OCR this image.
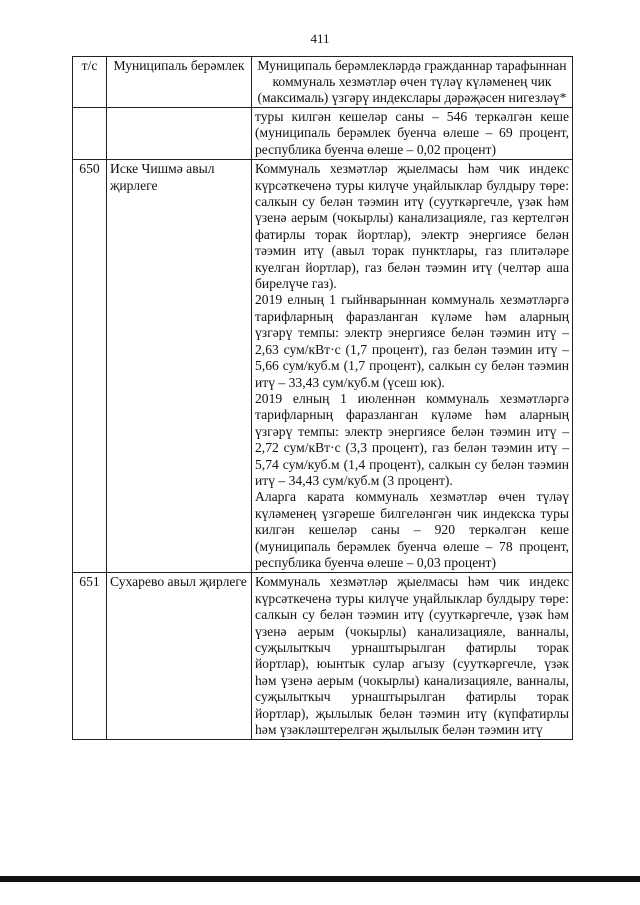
411
т/с	Муниципаль берәмлек	Муниципаль берәмлекләрдә гражданнар тарафыннан коммуналь хезмәтләр өчен түләү күләменең чик (максималь) үзгәрү индекслары дәрәҗәсен нигезләү*

		туры килгән кешеләр саны – 546 теркәлгән кеше (муниципаль берәмлек буенча өлеше – 69 процент, республика буенча өлеше – 0,02 процент)

650	Иске Чишмә авыл җирлеге	Коммуналь хезмәтләр җыелмасы һәм чик индекс күрсәткеченә туры килүче уңайлыклар булдыру төре: салкын су белән тәэмин итү (сууткәргечле, үзәк һәм үзенә аерым (чокырлы) канализацияле, газ кертелгән фатирлы торак йортлар), электр энергиясе белән тәэмин итү (авыл торак пунктлары, газ плитәләре куелган йортлар), газ белән тәэмин итү (челтәр аша бирелүче газ).

2019 елның 1 гыйнварыннан коммуналь хезмәтләргә тарифларның фаразланган күләме һәм аларның үзгәрү темпы: электр энергиясе белән тәэмин итү – 2,63 сум/кВт·с (1,7 процент), газ белән тәэмин итү – 5,66 сум/куб.м (1,7 процент), салкын су белән тәэмин итү – 33,43 сум/куб.м (үсеш юк).

2019 елның 1 июленнән коммуналь хезмәтләргә тарифларның фаразланган күләме һәм аларның үзгәрү темпы: электр энергиясе белән тәэмин итү – 2,72 сум/кВт·с (3,3 процент), газ белән тәэмин итү – 5,74 сум/куб.м (1,4 процент), салкын су белән тәэмин итү – 34,43 сум/куб.м (3 процент).

Аларга карата коммуналь хезмәтләр өчен түләү күләменең үзгәреше билгеләнгән чик индекска туры килгән кешеләр саны – 920 теркәлгән кеше (муниципаль берәмлек буенча өлеше – 78 процент, республика буенча өлеше – 0,03 процент)

651	Сухарево авыл җирлеге	Коммуналь хезмәтләр җыелмасы һәм чик индекс күрсәткеченә туры килүче уңайлыклар булдыру төре: салкын су белән тәэмин итү (сууткәргечле, үзәк һәм үзенә аерым (чокырлы) канализацияле, ванналы, суҗылыткыч урнаштырылган фатирлы торак йортлар), юынтык сулар агызу (сууткәргечле, үзәк һәм үзенә аерым (чокырлы) канализацияле, ванналы, суҗылыткыч урнаштырылган фатирлы торак йортлар), җылылык белән тәэмин итү (күпфатирлы һәм үзәкләштерелгән җылылык белән тәэмин итү
